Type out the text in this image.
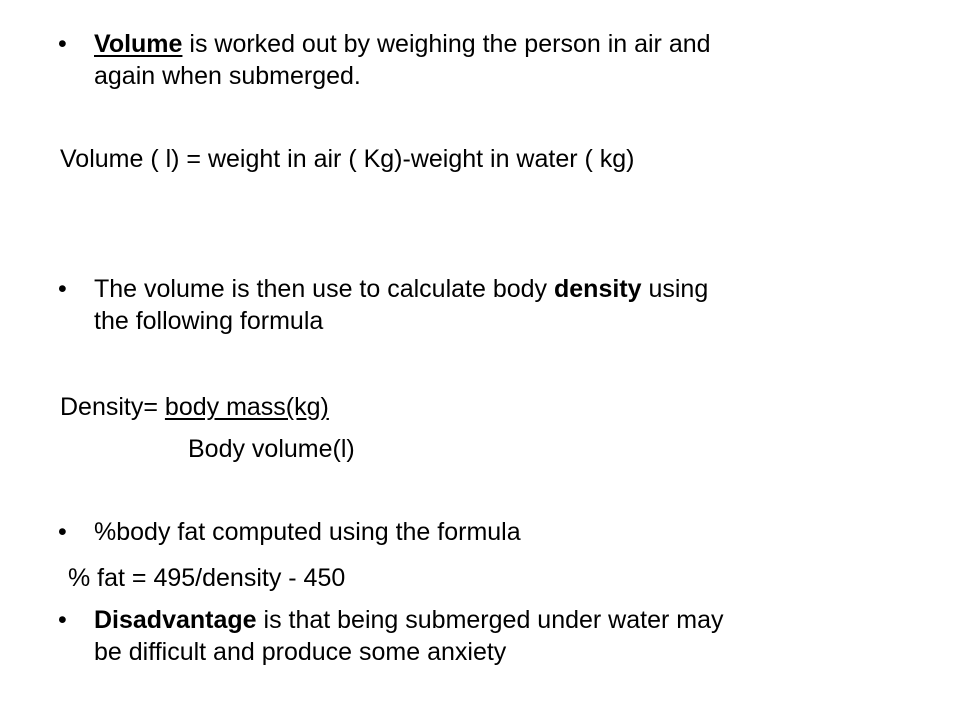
• Volume is worked out by weighing the person in air and
again when submerged.
Volume ( l) = weight in air ( Kg)-weight in water ( kg)
• The volume is then use to calculate body density using
the following formula
Density= body mass(kg)
Body volume(l)
• %body fat computed using the formula
% fat = 495/density - 450
• Disadvantage is that being submerged under water may
be difficult and produce some anxiety
